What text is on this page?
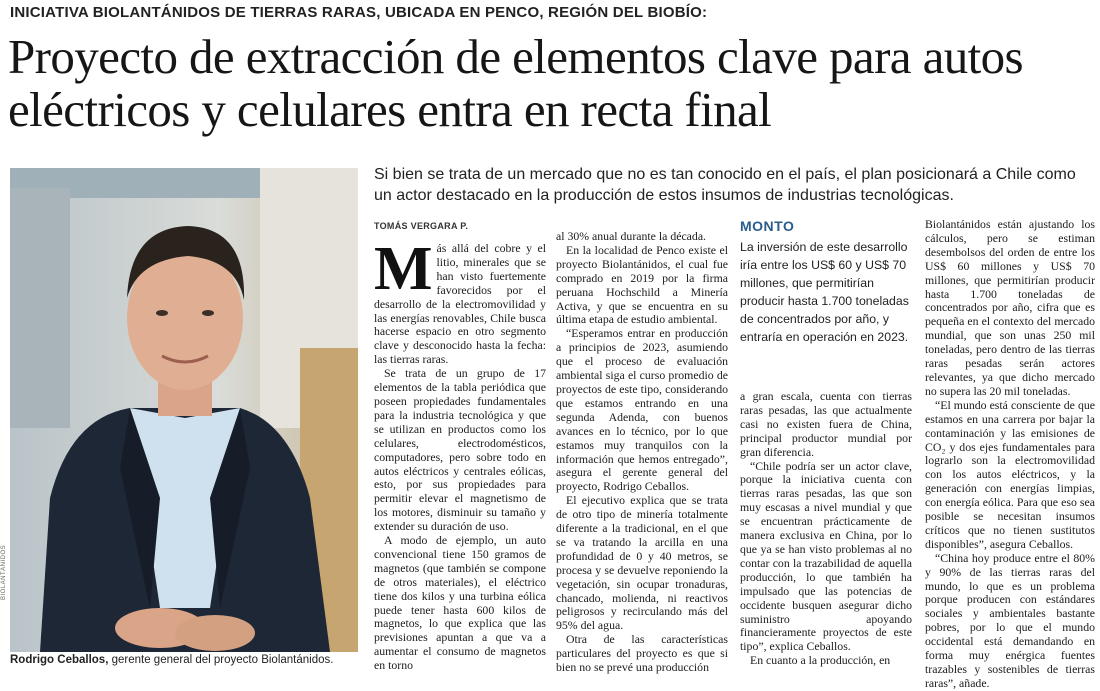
INICIATIVA BIOLANTÁNIDOS DE TIERRAS RARAS, UBICADA EN PENCO, REGIÓN DEL BIOBÍO:
Proyecto de extracción de elementos clave para autos eléctricos y celulares entra en recta final
BIOLANTÁNIDOS
Rodrigo Ceballos, gerente general del proyecto Biolantánidos.
Si bien se trata de un mercado que no es tan conocido en el país, el plan posicionará a Chile como un actor destacado en la producción de estos insumos de industrias tecnológicas.
TOMÁS VERGARA P.

Más allá del cobre y el litio, minerales que se han visto fuertemente favorecidos por el desarrollo de la electromovilidad y las energías renovables, Chile busca hacerse espacio en otro segmento clave y desconocido hasta la fecha: las tierras raras.

Se trata de un grupo de 17 elementos de la tabla periódica que poseen propiedades fundamentales para la industria tecnológica y que se utilizan en productos como los celulares, electrodomésticos, computadores, pero sobre todo en autos eléctricos y centrales eólicas, esto, por sus propiedades para permitir elevar el magnetismo de los motores, disminuir su tamaño y extender su duración de uso.

A modo de ejemplo, un auto convencional tiene 150 gramos de magnetos (que también se compone de otros materiales), el eléctrico tiene dos kilos y una turbina eólica puede tener hasta 600 kilos de magnetos, lo que explica que las previsiones apuntan a que va a aumentar el consumo de magnetos en torno

al 30% anual durante la década.

En la localidad de Penco existe el proyecto Biolantánidos, el cual fue comprado en 2019 por la firma peruana Hochschild a Minería Activa, y que se encuentra en su última etapa de estudio ambiental.

“Esperamos entrar en producción a principios de 2023, asumiendo que el proceso de evaluación ambiental siga el curso promedio de proyectos de este tipo, considerando que estamos entrando en una segunda Adenda, con buenos avances en lo técnico, por lo que estamos muy tranquilos con la información que hemos entregado”, asegura el gerente general del proyecto, Rodrigo Ceballos.

El ejecutivo explica que se trata de otro tipo de minería totalmente diferente a la tradicional, en el que se va tratando la arcilla en una profundidad de 0 y 40 metros, se procesa y se devuelve reponiendo la vegetación, sin ocupar tronaduras, chancado, molienda, ni reactivos peligrosos y recirculando más del 95% del agua.

Otra de las características particulares del proyecto es que si bien no se prevé una producción

MONTO
La inversión de este desarrollo iría entre los US$ 60 y US$ 70 millones, que permitirían producir hasta 1.700 toneladas de concentrados por año, y entraría en operación en 2023.

a gran escala, cuenta con tierras raras pesadas, las que actualmente casi no existen fuera de China, principal productor mundial por gran diferencia.

“Chile podría ser un actor clave, porque la iniciativa cuenta con tierras raras pesadas, las que son muy escasas a nivel mundial y que se encuentran prácticamente de manera exclusiva en China, por lo que ya se han visto problemas al no contar con la trazabilidad de aquella producción, lo que también ha impulsado que las potencias de occidente busquen asegurar dicho suministro apoyando financieramente proyectos de este tipo”, explica Ceballos.

En cuanto a la producción, en

Biolantánidos están ajustando los cálculos, pero se estiman desembolsos del orden de entre los US$ 60 millones y US$ 70 millones, que permitirían producir hasta 1.700 toneladas de concentrados por año, cifra que es pequeña en el contexto del mercado mundial, que son unas 250 mil toneladas, pero dentro de las tierras raras pesadas serán actores relevantes, ya que dicho mercado no supera las 20 mil toneladas.

“El mundo está consciente de que estamos en una carrera por bajar la contaminación y las emisiones de CO₂ y dos ejes fundamentales para lograrlo son la electromovilidad con los autos eléctricos, y la generación con energías limpias, con energía eólica. Para que eso sea posible se necesitan insumos críticos que no tienen sustitutos disponibles”, asegura Ceballos.

“China hoy produce entre el 80% y 90% de las tierras raras del mundo, lo que es un problema porque producen con estándares sociales y ambientales bastante pobres, por lo que el mundo occidental está demandando en forma muy enérgica fuentes trazables y sostenibles de tierras raras”, añade.
